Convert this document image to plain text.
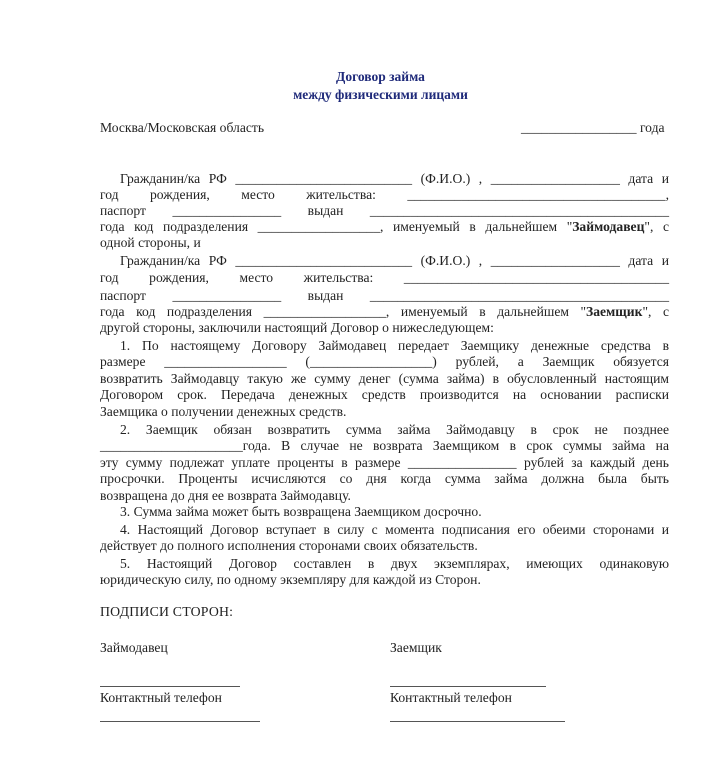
Договор займа
между физическими лицами
Москва/Московская область	_________________ года
Гражданин/ка РФ __________________________ (Ф.И.О.) , ___________________ дата и
год рождения, место жительства: ______________________________________,
паспорт ________________ выдан ____________________________________________
года код подразделения __________________, именуемый в дальнейшем "Займодавец", с
одной стороны, и
Гражданин/ка РФ __________________________ (Ф.И.О.) , ___________________ дата и
год рождения, место жительства: _______________________________________
паспорт ________________ выдан ____________________________________________
года код подразделения __________________, именуемый в дальнейшем "Заемщик", с
другой стороны, заключили настоящий Договор о нижеследующем:
1. По настоящему Договору Займодавец передает Заемщику денежные средства в
размере __________________ (__________________) рублей, а Заемщик обязуется
возвратить Займодавцу такую же сумму денег (сумма займа) в обусловленный настоящим
Договором срок. Передача денежных средств производится на основании расписки
Заемщика о получении денежных средств.
2. Заемщик обязан возвратить сумма займа Займодавцу в срок не позднее
_____________________года. В случае не возврата Заемщиком в срок суммы займа на
эту сумму подлежат уплате проценты в размере ________________ рублей за каждый день
просрочки. Проценты исчисляются со дня когда сумма займа должна была быть
возвращена до дня ее возврата Займодавцу.
3. Сумма займа может быть возвращена Заемщиком досрочно.
4. Настоящий Договор вступает в силу с момента подписания его обеими сторонами и
действует до полного исполнения сторонами своих обязательств.
5. Настоящий Договор составлен в двух экземплярах, имеющих одинаковую
юридическую силу, по одному экземпляру для каждой из Сторон.
ПОДПИСИ СТОРОН:
Займодавец	Заемщик
Контактный телефон	Контактный телефон
